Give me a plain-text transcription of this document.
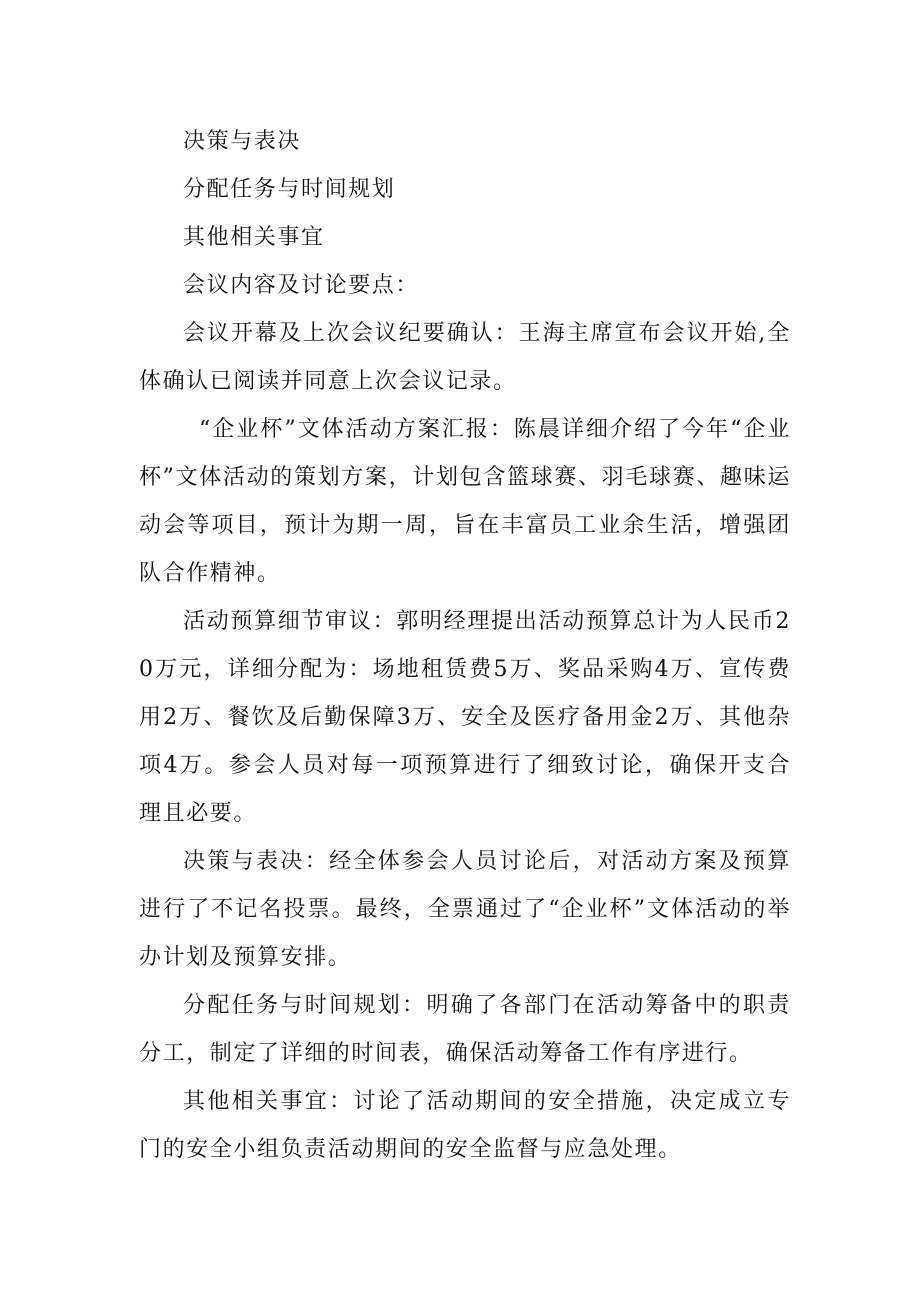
决策与表决

分配任务与时间规划

其他相关事宜

会议内容及讨论要点：

会议开幕及上次会议纪要确认：王海主席宣布会议开始,全体确认已阅读并同意上次会议记录。

“企业杯”文体活动方案汇报：陈晨详细介绍了今年“企业杯”文体活动的策划方案，计划包含篮球赛、羽毛球赛、趣味运动会等项目，预计为期一周，旨在丰富员工业余生活，增强团队合作精神。

活动预算细节审议：郭明经理提出活动预算总计为人民币20万元，详细分配为：场地租赁费5万、奖品采购4万、宣传费用2万、餐饮及后勤保障3万、安全及医疗备用金2万、其他杂项4万。参会人员对每一项预算进行了细致讨论，确保开支合理且必要。

决策与表决：经全体参会人员讨论后，对活动方案及预算进行了不记名投票。最终，全票通过了“企业杯”文体活动的举办计划及预算安排。

分配任务与时间规划：明确了各部门在活动筹备中的职责分工，制定了详细的时间表，确保活动筹备工作有序进行。

其他相关事宜：讨论了活动期间的安全措施，决定成立专门的安全小组负责活动期间的安全监督与应急处理。
